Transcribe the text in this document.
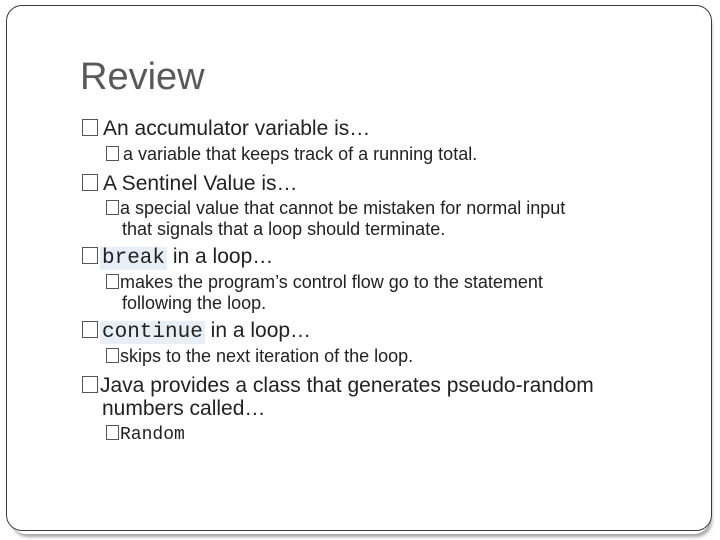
Review
An accumulator variable is…
a variable that keeps track of a running total.
A Sentinel Value is…
a special value that cannot be mistaken for normal input
that signals that a loop should terminate.
break in a loop…
makes the program’s control flow go to the statement
following the loop.
continue in a loop…
skips to the next iteration of the loop.
Java provides a class that generates pseudo-random
numbers called…
Random
